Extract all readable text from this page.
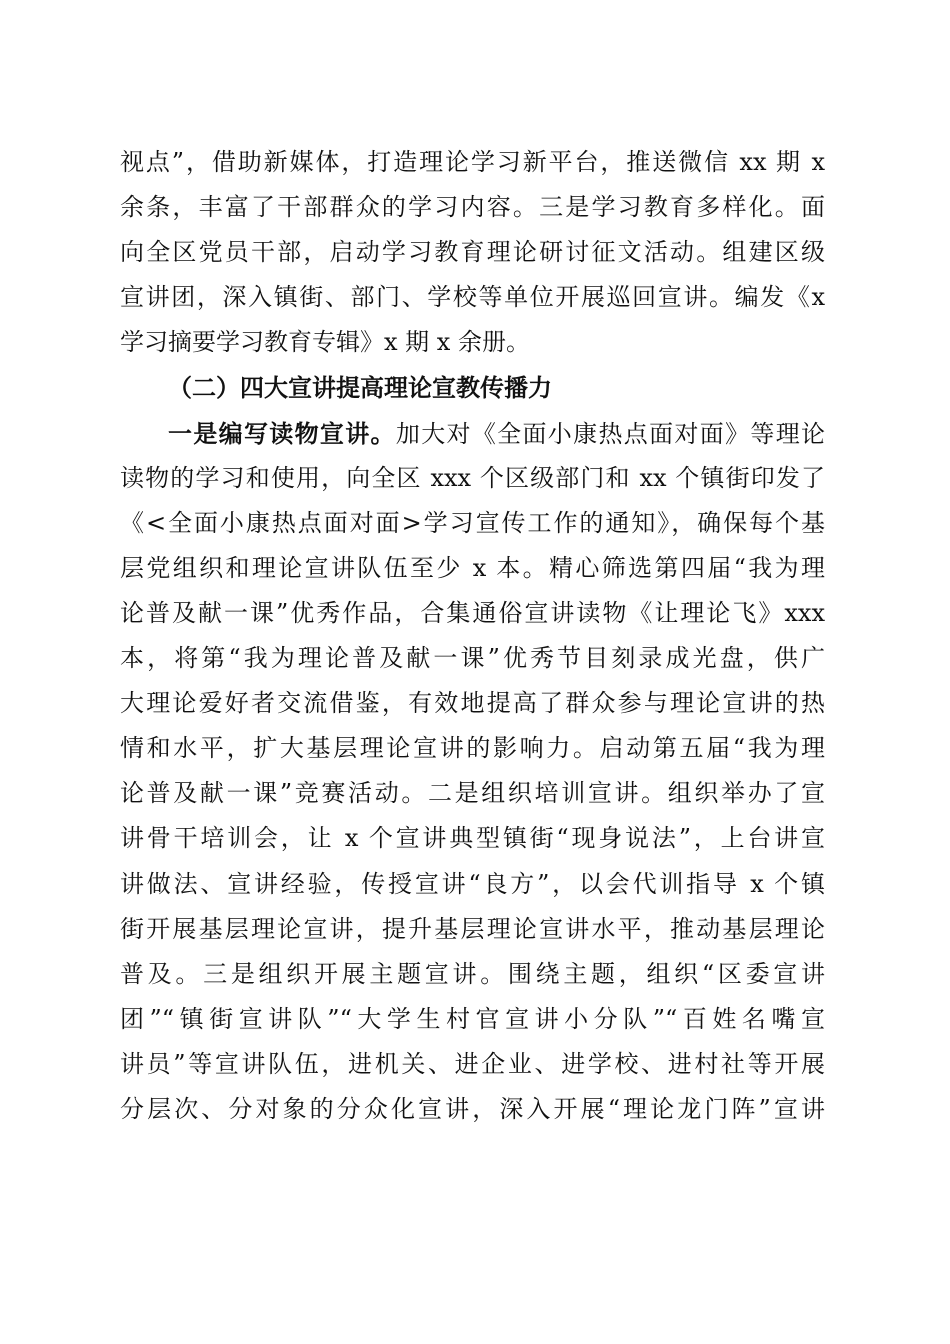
视点”，借助新媒体，打造理论学习新平台，推送微信 xx 期 x
余条，丰富了干部群众的学习内容。三是学习教育多样化。面
向全区党员干部，启动学习教育理论研讨征文活动。组建区级
宣讲团，深入镇街、部门、学校等单位开展巡回宣讲。编发《x
学习摘要学习教育专辑》x 期 x 余册。
（二）四大宣讲提高理论宣教传播力
一是编写读物宣讲。加大对《全面小康热点面对面》等理论
读物的学习和使用，向全区 xxx 个区级部门和 xx 个镇街印发了
《<全面小康热点面对面>学习宣传工作的通知》，确保每个基
层党组织和理论宣讲队伍至少 x 本。精心筛选第四届“我为理
论普及献一课”优秀作品，合集通俗宣讲读物《让理论飞》xxx
本，将第“我为理论普及献一课”优秀节目刻录成光盘，供广
大理论爱好者交流借鉴，有效地提高了群众参与理论宣讲的热
情和水平，扩大基层理论宣讲的影响力。启动第五届“我为理
论普及献一课”竞赛活动。二是组织培训宣讲。组织举办了宣
讲骨干培训会，让 x 个宣讲典型镇街“现身说法”，上台讲宣
讲做法、宣讲经验，传授宣讲“良方”，以会代训指导 x 个镇
街开展基层理论宣讲，提升基层理论宣讲水平，推动基层理论
普及。三是组织开展主题宣讲。围绕主题，组织“区委宣讲
团”“镇街宣讲队”“大学生村官宣讲小分队”“百姓名嘴宣
讲员”等宣讲队伍，进机关、进企业、进学校、进村社等开展
分层次、分对象的分众化宣讲，深入开展“理论龙门阵”宣讲
